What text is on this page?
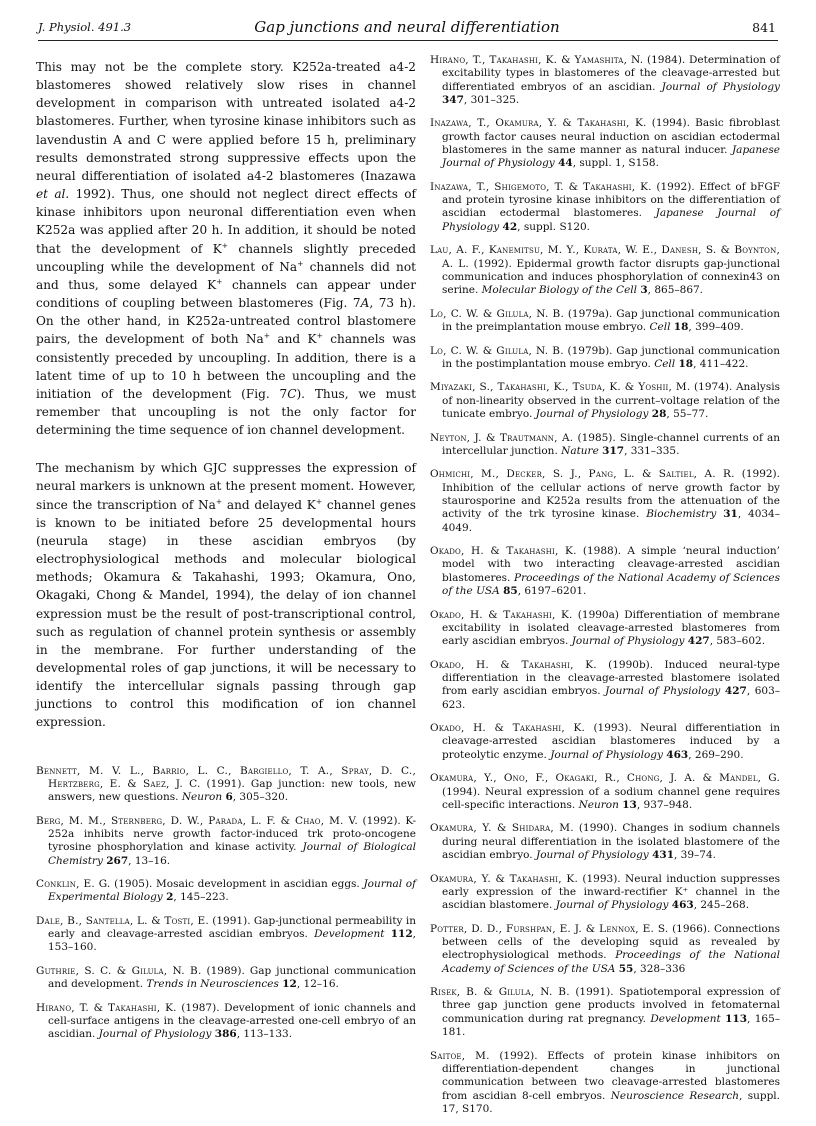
J. Physiol. 491.3	Gap junctions and neural differentiation	841

This may not be the complete story. K252a-treated a4-2 blastomeres showed relatively slow rises in channel development in comparison with untreated isolated a4-2 blastomeres. Further, when tyrosine kinase inhibitors such as lavendustin A and C were applied before 15 h, preliminary results demonstrated strong suppressive effects upon the neural differentiation of isolated a4-2 blastomeres (Inazawa et al. 1992). Thus, one should not neglect direct effects of kinase inhibitors upon neuronal differentiation even when K252a was applied after 20 h. In addition, it should be noted that the development of K+ channels slightly preceded uncoupling while the development of Na+ channels did not and thus, some delayed K+ channels can appear under conditions of coupling between blastomeres (Fig. 7A, 73 h). On the other hand, in K252a-untreated control blastomere pairs, the development of both Na+ and K+ channels was consistently preceded by uncoupling. In addition, there is a latent time of up to 10 h between the uncoupling and the initiation of the development (Fig. 7C). Thus, we must remember that uncoupling is not the only factor for determining the time sequence of ion channel development.

The mechanism by which GJC suppresses the expression of neural markers is unknown at the present moment. However, since the transcription of Na+ and delayed K+ channel genes is known to be initiated before 25 developmental hours (neurula stage) in these ascidian embryos (by electrophysiological methods and molecular biological methods; Okamura & Takahashi, 1993; Okamura, Ono, Okagaki, Chong & Mandel, 1994), the delay of ion channel expression must be the result of post-transcriptional control, such as regulation of channel protein synthesis or assembly in the membrane. For further understanding of the developmental roles of gap junctions, it will be necessary to identify the intercellular signals passing through gap junctions to control this modification of ion channel expression.

Bennett, M. V. L., Barrio, L. C., Bargiello, T. A., Spray, D. C., Hertzberg, E. & Saez, J. C. (1991). Gap junction: new tools, new answers, new questions. Neuron 6, 305–320.

Berg, M. M., Sternberg, D. W., Parada, L. F. & Chao, M. V. (1992). K-252a inhibits nerve growth factor-induced trk proto-oncogene tyrosine phosphorylation and kinase activity. Journal of Biological Chemistry 267, 13–16.

Conklin, E. G. (1905). Mosaic development in ascidian eggs. Journal of Experimental Biology 2, 145–223.

Dale, B., Santella, L. & Tosti, E. (1991). Gap-junctional permeability in early and cleavage-arrested ascidian embryos. Development 112, 153–160.

Guthrie, S. C. & Gilula, N. B. (1989). Gap junctional communication and development. Trends in Neurosciences 12, 12–16.

Hirano, T. & Takahashi, K. (1987). Development of ionic channels and cell-surface antigens in the cleavage-arrested one-cell embryo of an ascidian. Journal of Physiology 386, 113–133.

Hirano, T., Takahashi, K. & Yamashita, N. (1984). Determination of excitability types in blastomeres of the cleavage-arrested but differentiated embryos of an ascidian. Journal of Physiology 347, 301–325.

Inazawa, T., Okamura, Y. & Takahashi, K. (1994). Basic fibroblast growth factor causes neural induction on ascidian ectodermal blastomeres in the same manner as natural inducer. Japanese Journal of Physiology 44, suppl. 1, S158.

Inazawa, T., Shigemoto, T. & Takahashi, K. (1992). Effect of bFGF and protein tyrosine kinase inhibitors on the differentiation of ascidian ectodermal blastomeres. Japanese Journal of Physiology 42, suppl. S120.

Lau, A. F., Kanemitsu, M. Y., Kurata, W. E., Danesh, S. & Boynton, A. L. (1992). Epidermal growth factor disrupts gap-junctional communication and induces phosphorylation of connexin43 on serine. Molecular Biology of the Cell 3, 865–867.

Lo, C. W. & Gilula, N. B. (1979a). Gap junctional communication in the preimplantation mouse embryo. Cell 18, 399–409.

Lo, C. W. & Gilula, N. B. (1979b). Gap junctional communication in the postimplantation mouse embryo. Cell 18, 411–422.

Miyazaki, S., Takahashi, K., Tsuda, K. & Yoshii, M. (1974). Analysis of non-linearity observed in the current–voltage relation of the tunicate embryo. Journal of Physiology 28, 55–77.

Neyton, J. & Trautmann, A. (1985). Single-channel currents of an intercellular junction. Nature 317, 331–335.

Ohmichi, M., Decker, S. J., Pang, L. & Saltiel, A. R. (1992). Inhibition of the cellular actions of nerve growth factor by staurosporine and K252a results from the attenuation of the activity of the trk tyrosine kinase. Biochemistry 31, 4034–4049.

Okado, H. & Takahashi, K. (1988). A simple ‘neural induction’ model with two interacting cleavage-arrested ascidian blastomeres. Proceedings of the National Academy of Sciences of the USA 85, 6197–6201.

Okado, H. & Takahashi, K. (1990a) Differentiation of membrane excitability in isolated cleavage-arrested blastomeres from early ascidian embryos. Journal of Physiology 427, 583–602.

Okado, H. & Takahashi, K. (1990b). Induced neural-type differentiation in the cleavage-arrested blastomere isolated from early ascidian embryos. Journal of Physiology 427, 603–623.

Okado, H. & Takahashi, K. (1993). Neural differentiation in cleavage-arrested ascidian blastomeres induced by a proteolytic enzyme. Journal of Physiology 463, 269–290.

Okamura, Y., Ono, F., Okagaki, R., Chong, J. A. & Mandel, G. (1994). Neural expression of a sodium channel gene requires cell-specific interactions. Neuron 13, 937–948.

Okamura, Y. & Shidara, M. (1990). Changes in sodium channels during neural differentiation in the isolated blastomere of the ascidian embryo. Journal of Physiology 431, 39–74.

Okamura, Y. & Takahashi, K. (1993). Neural induction suppresses early expression of the inward-rectifier K⁺ channel in the ascidian blastomere. Journal of Physiology 463, 245–268.

Potter, D. D., Furshpan, E. J. & Lennox, E. S. (1966). Connections between cells of the developing squid as revealed by electrophysiological methods. Proceedings of the National Academy of Sciences of the USA 55, 328–336

Risek, B. & Gilula, N. B. (1991). Spatiotemporal expression of three gap junction gene products involved in fetomaternal communication during rat pregnancy. Development 113, 165–181.

Saitoe, M. (1992). Effects of protein kinase inhibitors on differentiation-dependent changes in junctional communication between two cleavage-arrested blastomeres from ascidian 8-cell embryos. Neuroscience Research, suppl. 17, S170.
